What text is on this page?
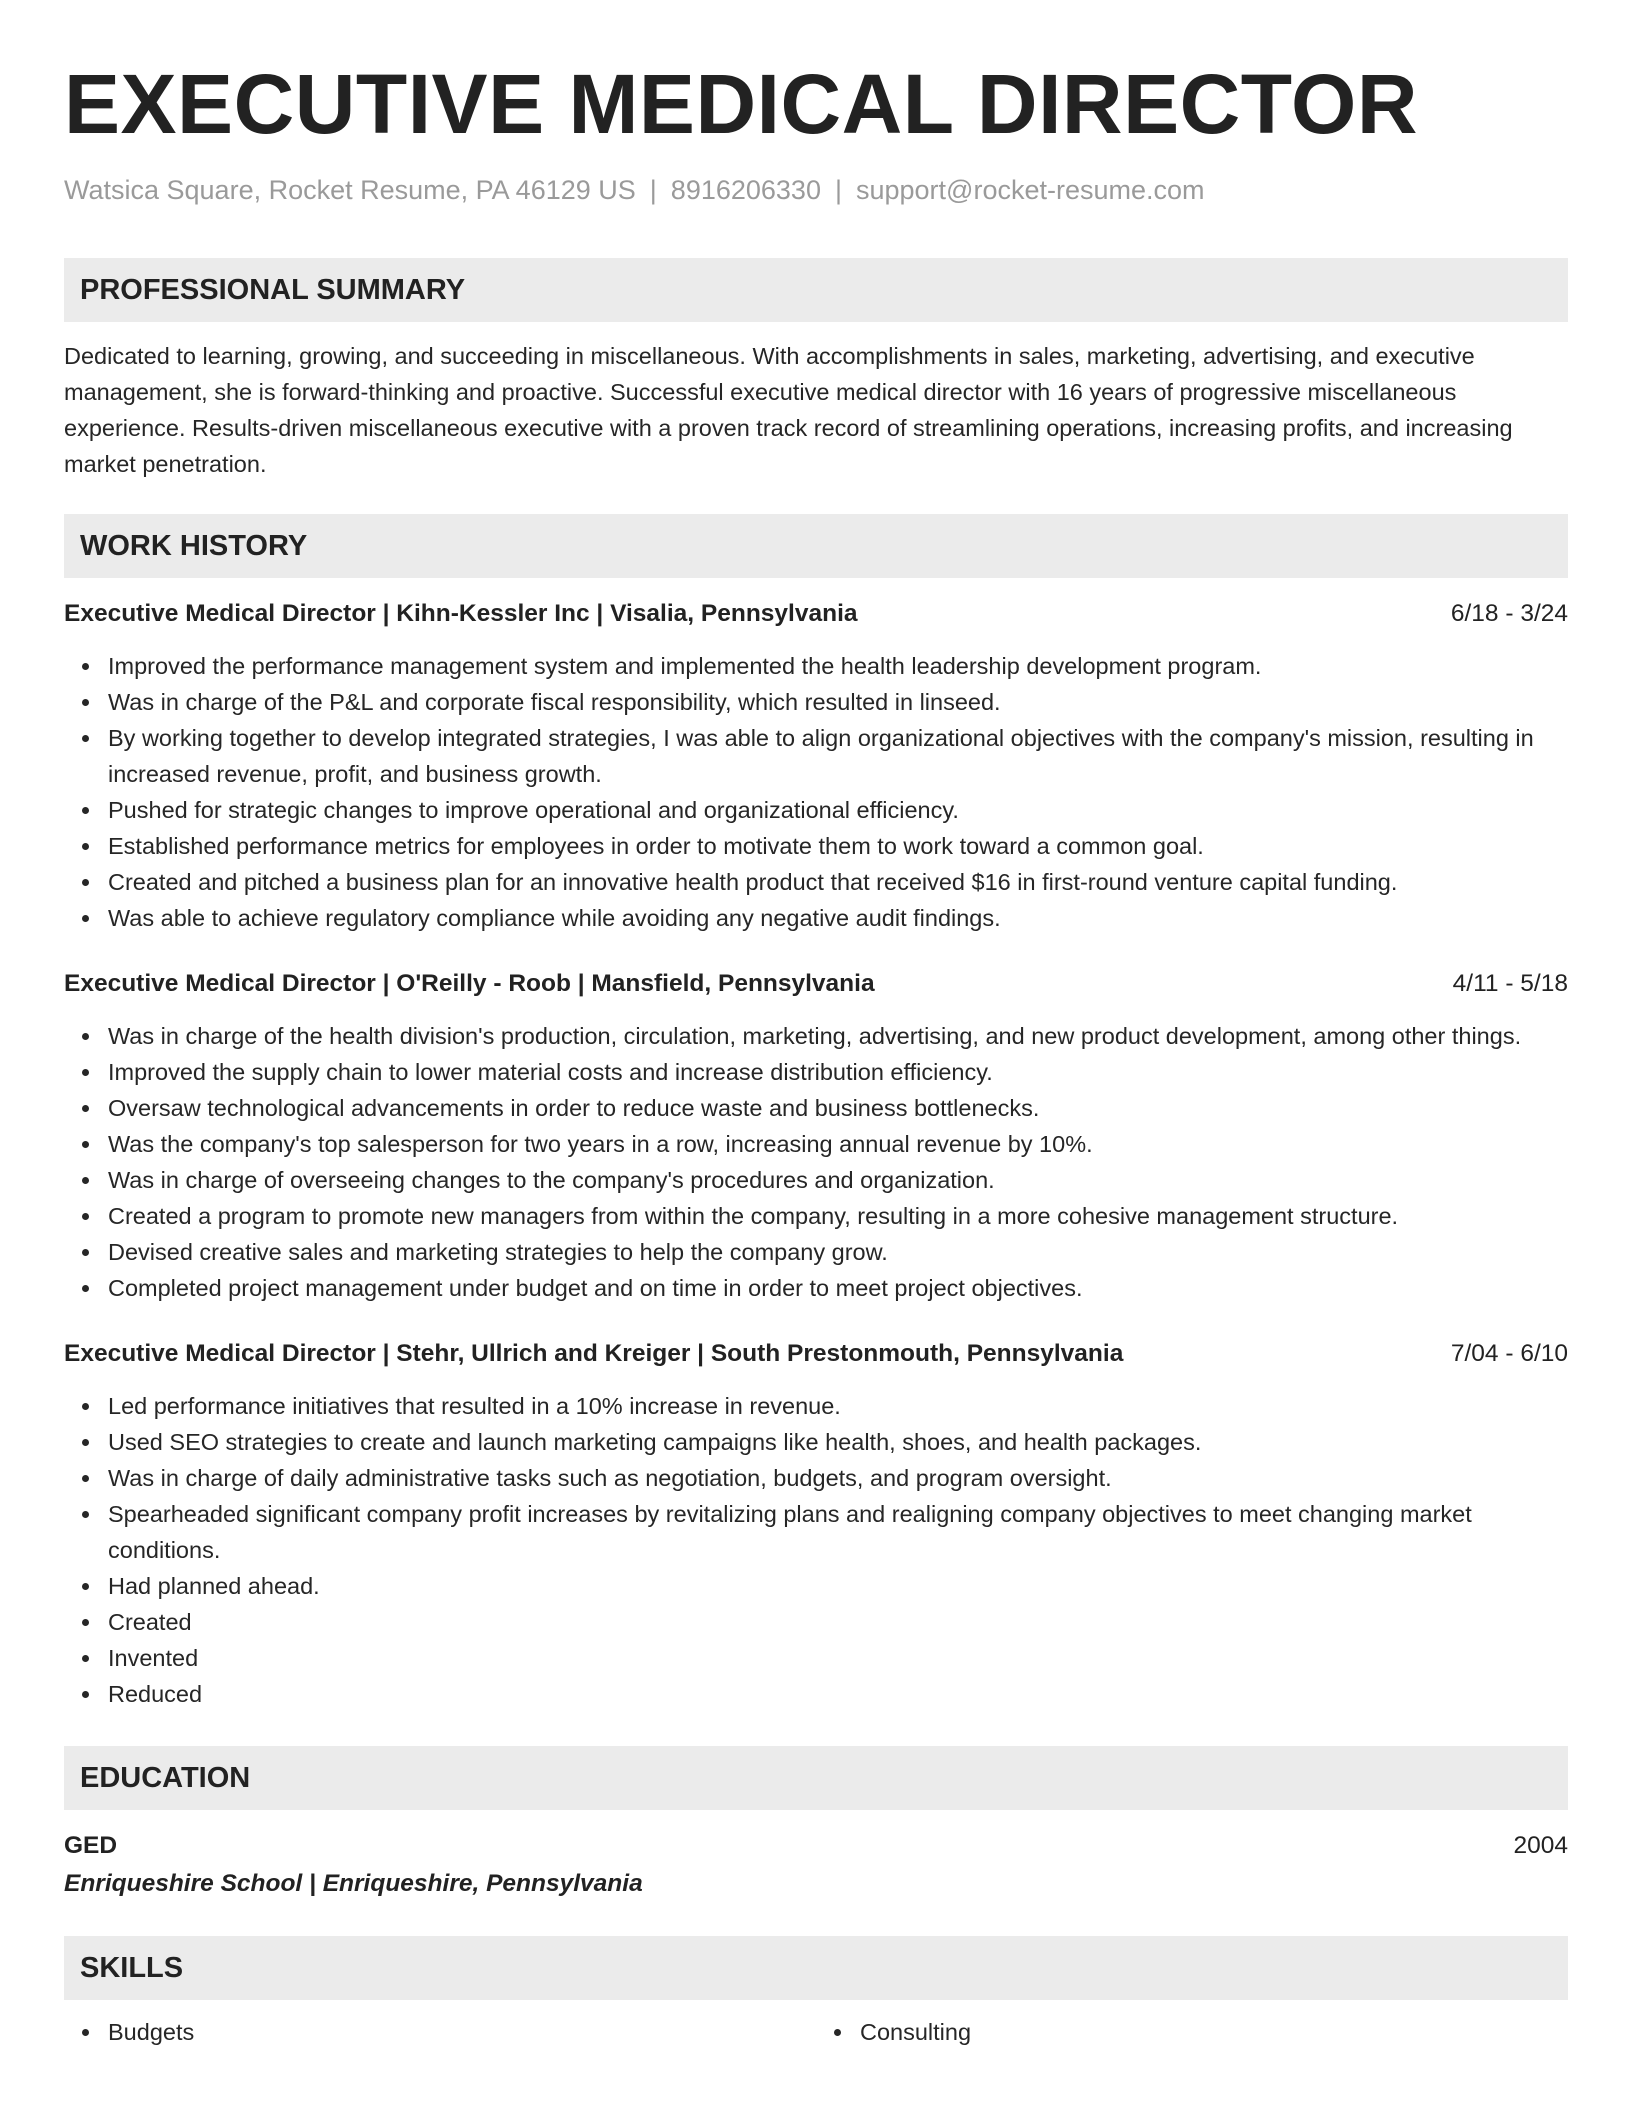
EXECUTIVE MEDICAL DIRECTOR
Watsica Square, Rocket Resume, PA 46129 US | 8916206330 | support@rocket-resume.com
PROFESSIONAL SUMMARY

Dedicated to learning, growing, and succeeding in miscellaneous. With accomplishments in sales, marketing, advertising, and executive management, she is forward-thinking and proactive. Successful executive medical director with 16 years of progressive miscellaneous experience. Results-driven miscellaneous executive with a proven track record of streamlining operations, increasing profits, and increasing market penetration.

WORK HISTORY
Executive Medical Director | Kihn-Kessler Inc | Visalia, Pennsylvania	6/18 - 3/24
Improved the performance management system and implemented the health leadership development program.
Was in charge of the P&L and corporate fiscal responsibility, which resulted in linseed.
By working together to develop integrated strategies, I was able to align organizational objectives with the company's mission, resulting in increased revenue, profit, and business growth.
Pushed for strategic changes to improve operational and organizational efficiency.
Established performance metrics for employees in order to motivate them to work toward a common goal.
Created and pitched a business plan for an innovative health product that received $16 in first-round venture capital funding.
Was able to achieve regulatory compliance while avoiding any negative audit findings.
Executive Medical Director | O'Reilly - Roob | Mansfield, Pennsylvania	4/11 - 5/18
Was in charge of the health division's production, circulation, marketing, advertising, and new product development, among other things.
Improved the supply chain to lower material costs and increase distribution efficiency.
Oversaw technological advancements in order to reduce waste and business bottlenecks.
Was the company's top salesperson for two years in a row, increasing annual revenue by 10%.
Was in charge of overseeing changes to the company's procedures and organization.
Created a program to promote new managers from within the company, resulting in a more cohesive management structure.
Devised creative sales and marketing strategies to help the company grow.
Completed project management under budget and on time in order to meet project objectives.
Executive Medical Director | Stehr, Ullrich and Kreiger | South Prestonmouth, Pennsylvania	7/04 - 6/10
Led performance initiatives that resulted in a 10% increase in revenue.
Used SEO strategies to create and launch marketing campaigns like health, shoes, and health packages.
Was in charge of daily administrative tasks such as negotiation, budgets, and program oversight.
Spearheaded significant company profit increases by revitalizing plans and realigning company objectives to meet changing market conditions.
Had planned ahead.
Created
Invented
Reduced
EDUCATION
GED	2004
Enriqueshire School | Enriqueshire, Pennsylvania
SKILLS
Budgets	Consulting
